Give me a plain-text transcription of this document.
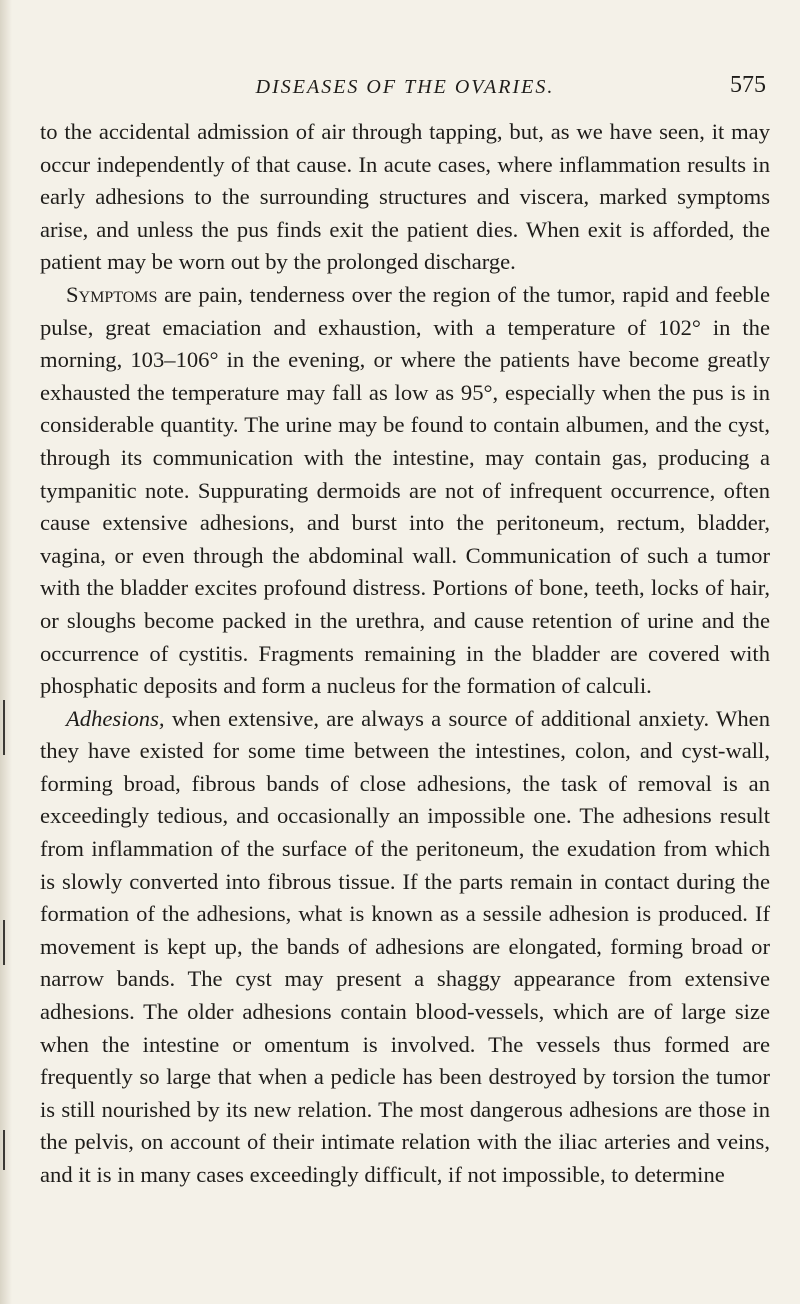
DISEASES OF THE OVARIES.	575

to the accidental admission of air through tapping, but, as we have seen, it may occur independently of that cause. In acute cases, where inflammation results in early adhesions to the surrounding structures and viscera, marked symptoms arise, and unless the pus finds exit the patient dies. When exit is afforded, the patient may be worn out by the prolonged discharge.

Symptoms are pain, tenderness over the region of the tumor, rapid and feeble pulse, great emaciation and exhaustion, with a temperature of 102° in the morning, 103–106° in the evening, or where the patients have become greatly exhausted the temperature may fall as low as 95°, especially when the pus is in considerable quantity. The urine may be found to contain albumen, and the cyst, through its communication with the intestine, may contain gas, producing a tympanitic note. Suppurating dermoids are not of infrequent occurrence, often cause extensive adhesions, and burst into the peritoneum, rectum, bladder, vagina, or even through the abdominal wall. Communication of such a tumor with the bladder excites profound distress. Portions of bone, teeth, locks of hair, or sloughs become packed in the urethra, and cause retention of urine and the occurrence of cystitis. Fragments remaining in the bladder are covered with phosphatic deposits and form a nucleus for the formation of calculi.

Adhesions, when extensive, are always a source of additional anxiety. When they have existed for some time between the intestines, colon, and cyst-wall, forming broad, fibrous bands of close adhesions, the task of removal is an exceedingly tedious, and occasionally an impossible one. The adhesions result from inflammation of the surface of the peritoneum, the exudation from which is slowly converted into fibrous tissue. If the parts remain in contact during the formation of the adhesions, what is known as a sessile adhesion is produced. If movement is kept up, the bands of adhesions are elongated, forming broad or narrow bands. The cyst may present a shaggy appearance from extensive adhesions. The older adhesions contain blood-vessels, which are of large size when the intestine or omentum is involved. The vessels thus formed are frequently so large that when a pedicle has been destroyed by torsion the tumor is still nourished by its new relation. The most dangerous adhesions are those in the pelvis, on account of their intimate relation with the iliac arteries and veins, and it is in many cases exceedingly difficult, if not impossible, to determine
